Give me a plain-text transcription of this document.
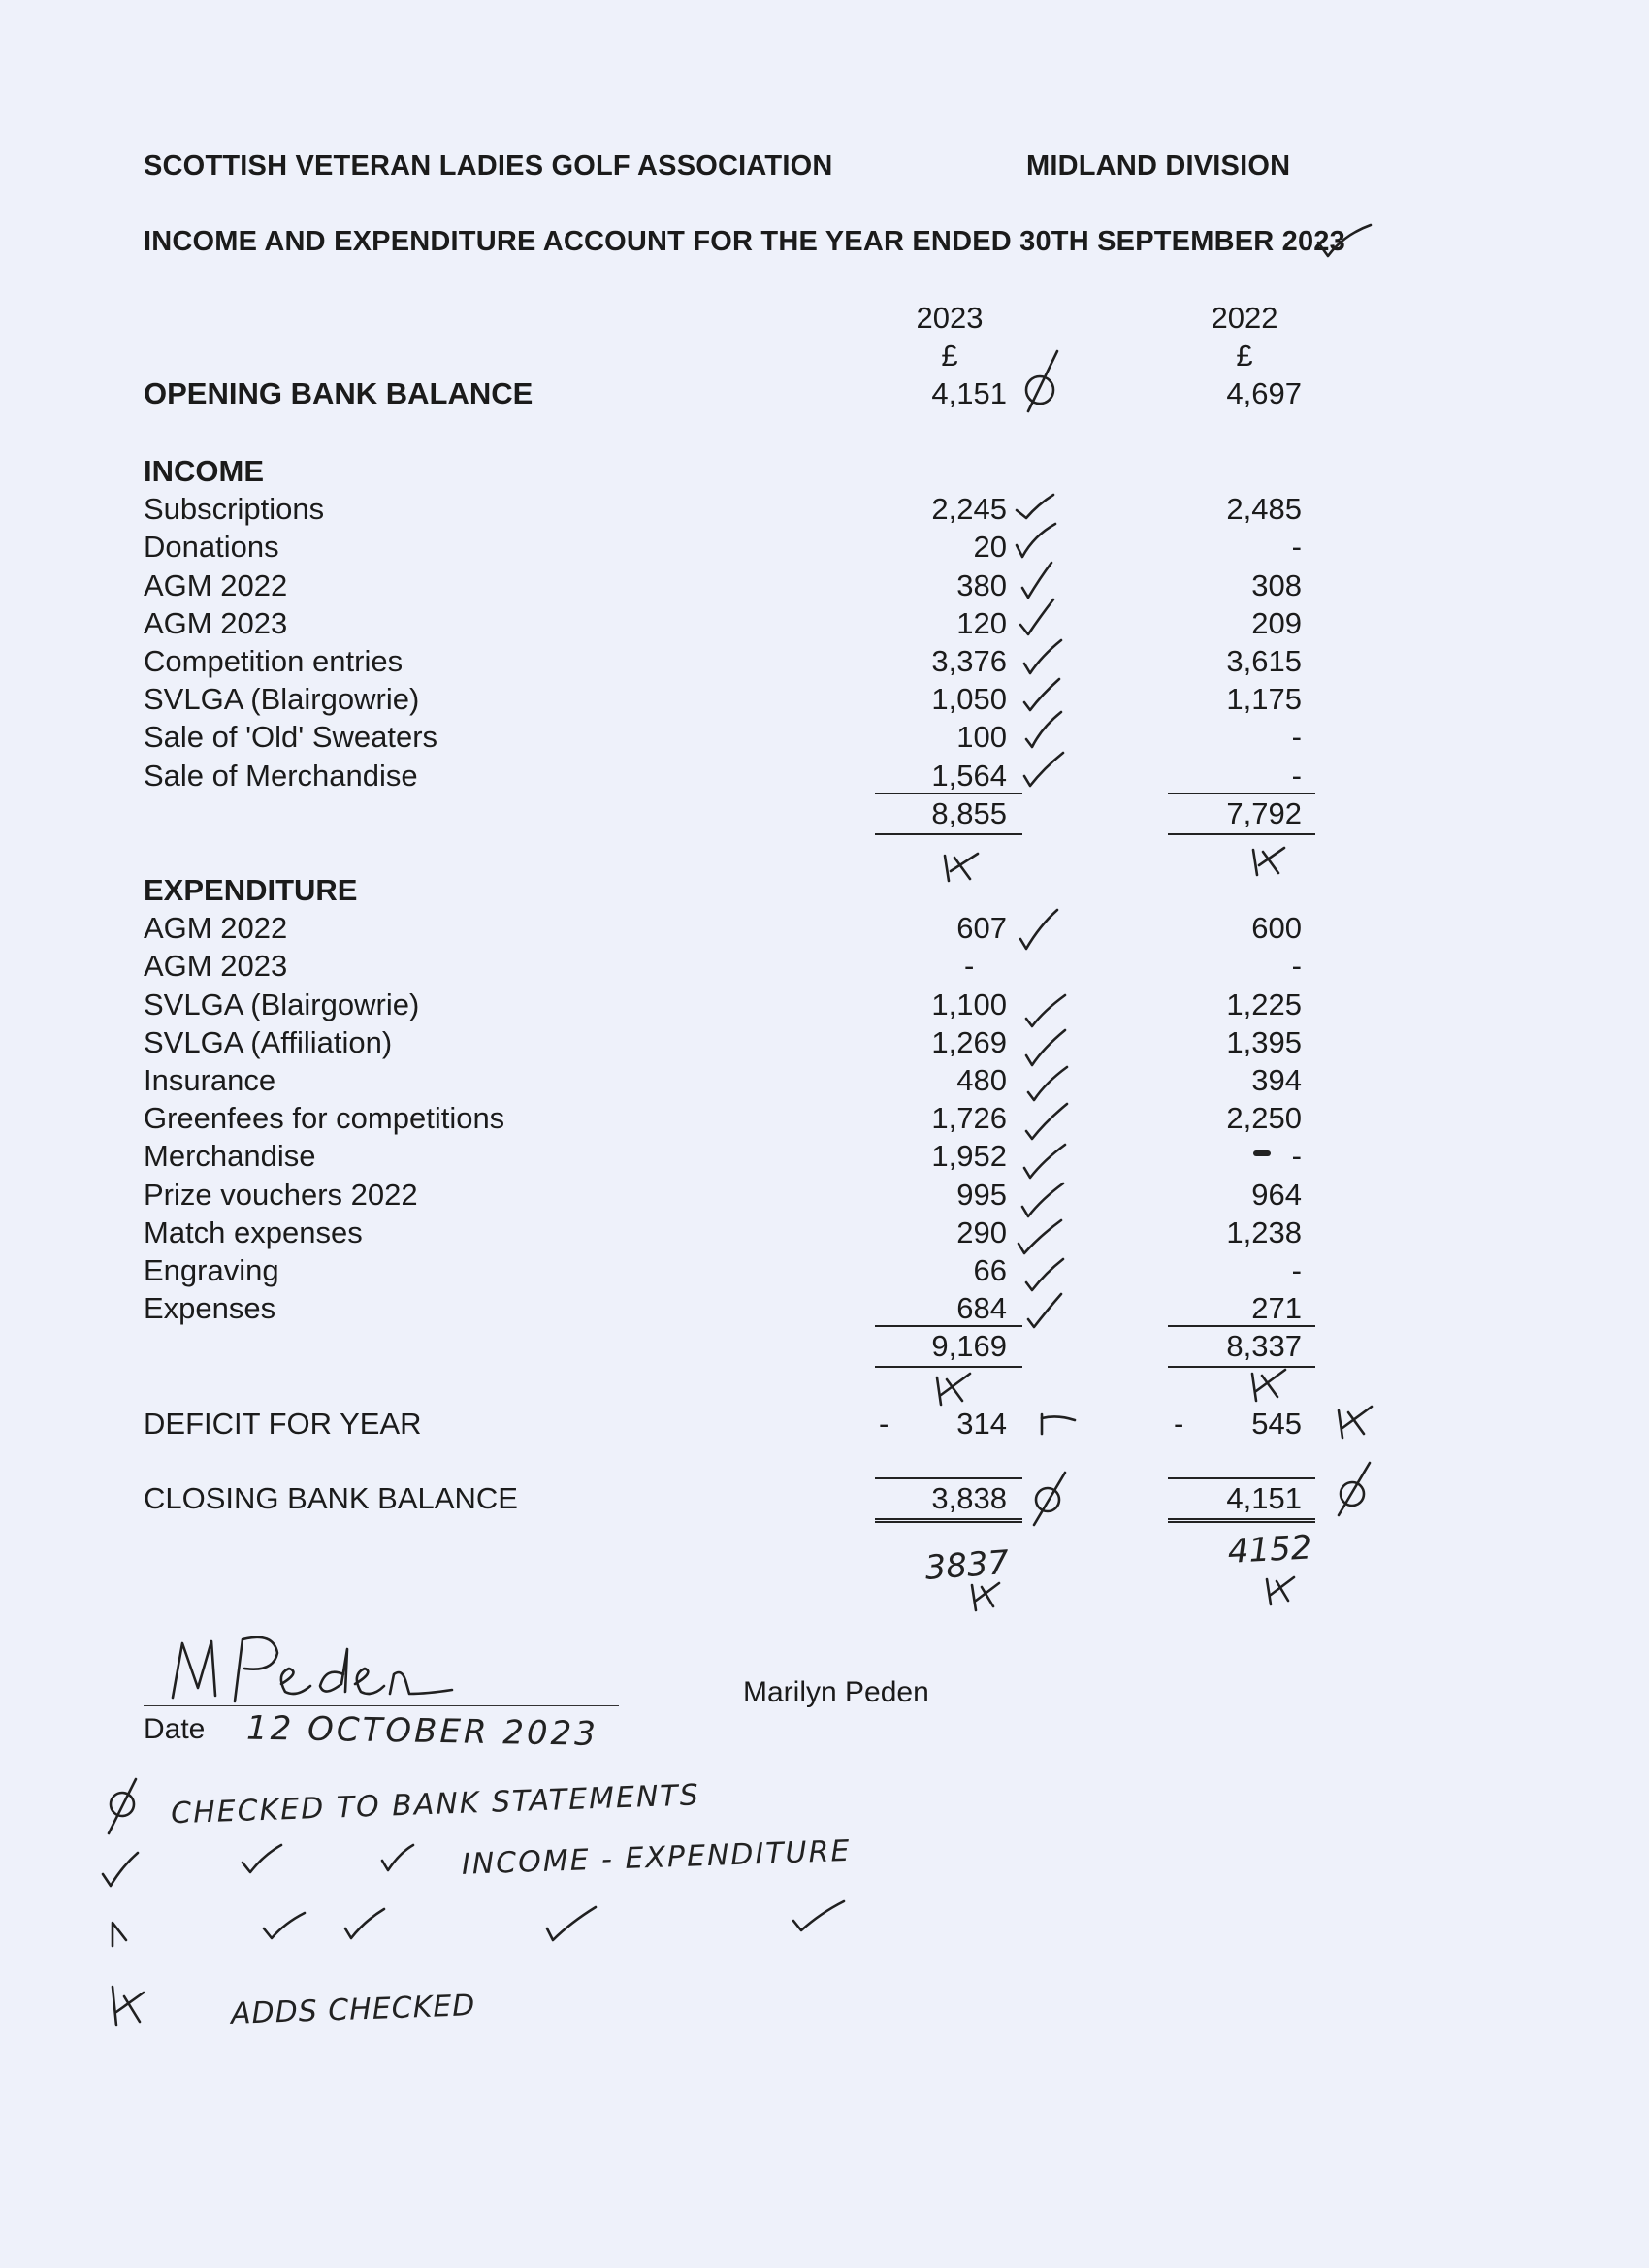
SCOTTISH VETERAN LADIES GOLF ASSOCIATION	MIDLAND DIVISION
INCOME AND EXPENDITURE ACCOUNT FOR THE YEAR ENDED 30TH SEPTEMBER 2023
2023	2022
£	£
OPENING BANK BALANCE	4,151	4,697
INCOME
Subscriptions	2,245	2,485
Donations	20	-
AGM 2022	380	308
AGM 2023	120	209
Competition entries	3,376	3,615
SVLGA (Blairgowrie)	1,050	1,175
Sale of 'Old' Sweaters	100	-
Sale of Merchandise	1,564	-
8,855	7,792
EXPENDITURE
AGM 2022	607	600
AGM 2023	-	-
SVLGA (Blairgowrie)	1,100	1,225
SVLGA (Affiliation)	1,269	1,395
Insurance	480	394
Greenfees for competitions	1,726	2,250
Merchandise	1,952	-
Prize vouchers 2022	995	964
Match expenses	290	1,238
Engraving	66	-
Expenses	684	271
9,169	8,337
DEFICIT FOR YEAR	-	314	-	545
CLOSING BANK BALANCE	3,838	4,151
3837	4152
Marilyn Peden
Date 12 OCTOBER 2023
CHECKED TO BANK STATEMENTS
INCOME - EXPENDITURE
ADDS CHECKED
